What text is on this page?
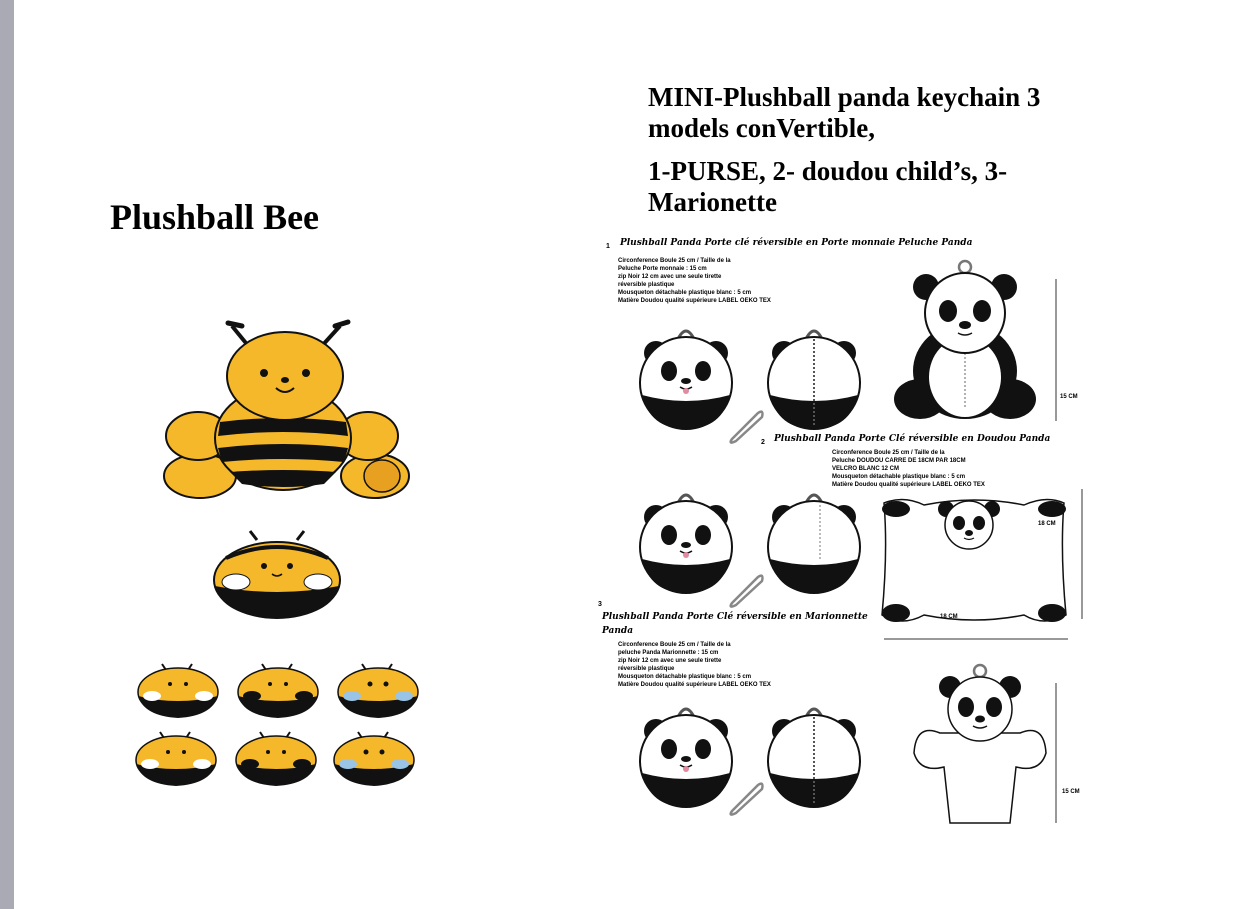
Plushball Bee

MINI-Plushball panda keychain 3 models conVertible,

1-PURSE, 2- doudou child’s, 3- Marionette

1 Plushball Panda Porte clé réversible en Porte monnaie Peluche Panda
Circonference Boule 25 cm / Taille de la
Peluche Porte monnaie : 15 cm
zip Noir 12 cm avec une seule tirette
réversible plastique
Mousqueton détachable plastique blanc : 5 cm
Matière Doudou qualité supérieure LABEL OEKO TEX
15 CM
2 Plushball Panda Porte Clé réversible en Doudou Panda
Circonference Boule 25 cm / Taille de la
Peluche DOUDOU CARRE DE 18CM PAR 18CM
VELCRO BLANC 12 CM
Mousqueton détachable plastique blanc : 5 cm
Matière Doudou qualité supérieure LABEL OEKO TEX
18 CM
18 CM
3
Plushball Panda Porte Clé réversible en Marionnette
Panda
Circonference Boule 25 cm / Taille de la
peluche Panda Marionnette : 15 cm
zip Noir 12 cm avec une seule tirette
réversible plastique
Mousqueton détachable plastique blanc : 5 cm
Matière Doudou qualité supérieure LABEL OEKO TEX
15 CM
